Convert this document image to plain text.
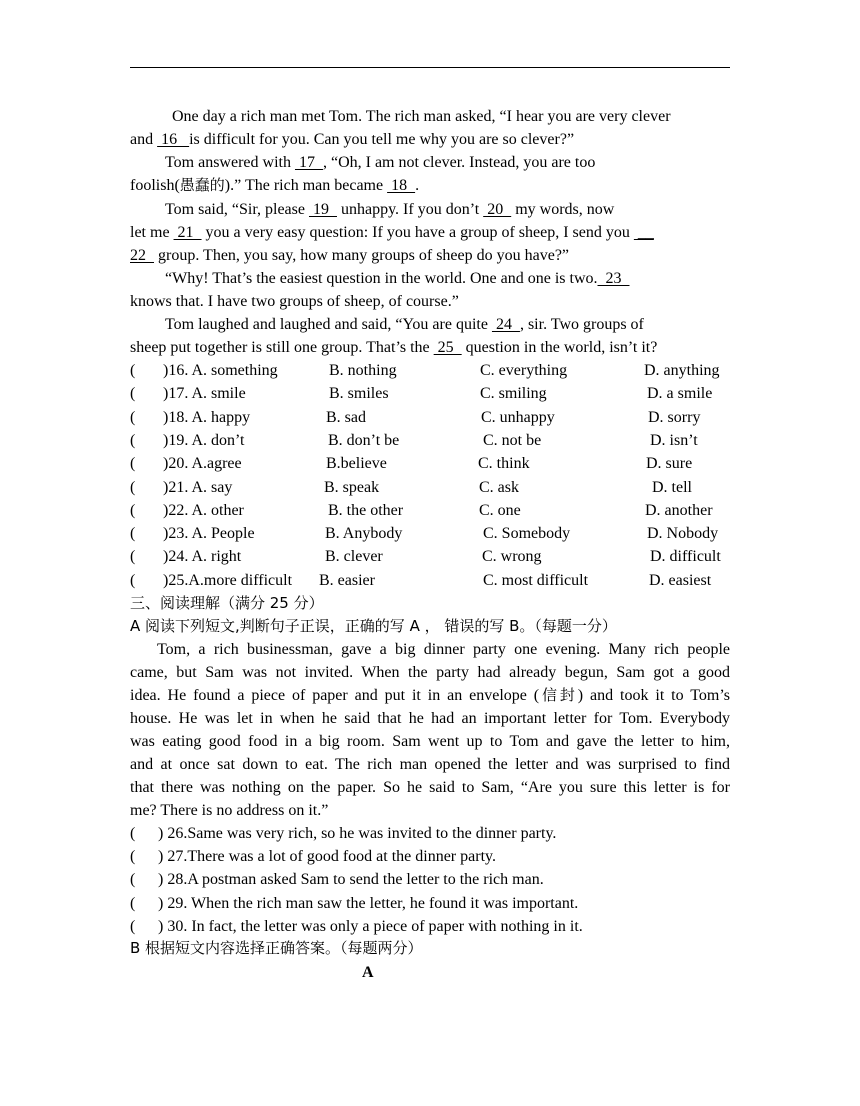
One day a rich man met Tom. The rich man asked, “I hear you are very clever
and  16   is difficult for you. Can you tell me why you are so clever?”
Tom answered with  17  , “Oh, I am not clever. Instead, you are too
foolish(愚蠢的).” The rich man became  18  .
Tom said, “Sir, please  19   unhappy. If you don’t  20   my words, now
let me  21   you a very easy question: If you have a group of sheep, I send you  __
22   group. Then, you say, how many groups of sheep do you have?”
“Why! That’s the easiest question in the world. One and one is two.  23
knows that. I have two groups of sheep, of course.”
Tom laughed and laughed and said, “You are quite  24  , sir. Two groups of
sheep put together is still one group. That’s the  25   question in the world, isn’t it?
( )16. A. something	B. nothing	C. everything	D. anything
( )17. A. smile	B. smiles	C. smiling	D. a smile
( )18. A. happy	B. sad	C. unhappy	D. sorry
( )19. A. don’t	B. don’t be	C. not be	D. isn’t
( )20. A.agree	B.believe	C. think	D. sure
( )21. A. say	B. speak	C. ask	D. tell
( )22. A. other	B. the other	C. one	D. another
( )23. A. People	B. Anybody	C. Somebody	D. Nobody
( )24. A. right	B. clever	C. wrong	D. difficult
( )25.A.more difficult B. easier	C. most difficult	D. easiest
三、阅读理解（满分 25 分）
A 阅读下列短文,判断句子正误，正确的写 A ， 错误的写 B。（每题一分）
Tom, a rich businessman, gave a big dinner party one evening. Many rich people
came, but Sam was not invited. When the party had already begun, Sam got a good
idea. He found a piece of paper and put it in an envelope (信封) and took it to Tom’s
house. He was let in when he said that he had an important letter for Tom. Everybody
was eating good food in a big room. Sam went up to Tom and gave the letter to him,
and at once sat down to eat. The rich man opened the letter and was surprised to find
that there was nothing on the paper. So he said to Sam, “Are you sure this letter is for
me? There is no address on it.”
( ) 26.Same was very rich, so he was invited to the dinner party.
( ) 27.There was a lot of good food at the dinner party.
( ) 28.A postman asked Sam to send the letter to the rich man.
( ) 29. When the rich man saw the letter, he found it was important.
( ) 30. In fact, the letter was only a piece of paper with nothing in it.
B 根据短文内容选择正确答案。（每题两分）
A
